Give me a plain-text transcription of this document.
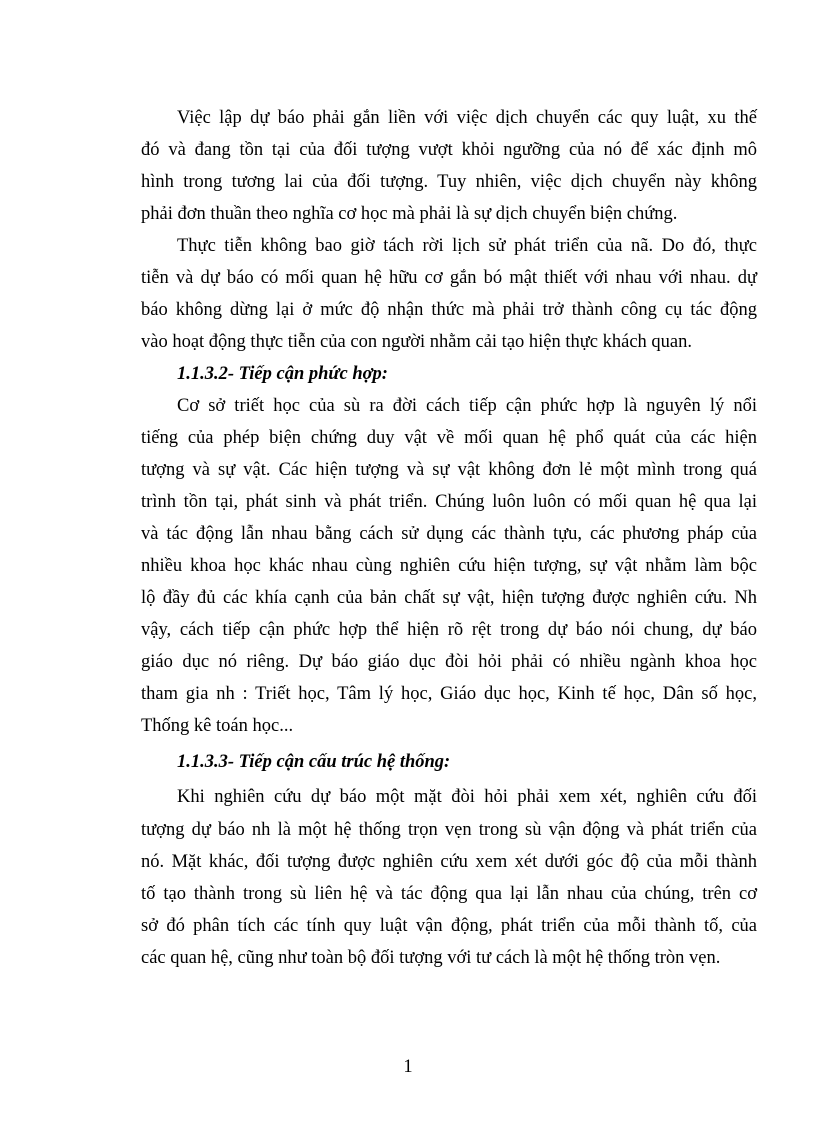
Việc lập dự báo phải gắn liền với việc dịch chuyển các quy luật, xu thế
đó và đang tồn tại của đối tượng vượt khỏi ngưỡng của nó để xác định mô
hình trong tương lai của đối tượng. Tuy nhiên, việc dịch chuyển này không
phải đơn thuần theo nghĩa cơ học mà phải là sự dịch chuyển biện chứng.
Thực tiễn không bao giờ tách rời lịch sử phát triển của nã. Do đó, thực
tiễn và dự báo có mối quan hệ hữu cơ gắn bó mật thiết với nhau với nhau. dự
báo không dừng lại ở mức độ nhận thức mà phải trở thành công cụ tác động
vào hoạt động thực tiễn của con người nhằm cải tạo hiện thực khách quan.
1.1.3.2- Tiếp cận phức hợp:
Cơ sở triết học của sù ra đời cách tiếp cận phức hợp là nguyên lý nổi
tiếng của phép biện chứng duy vật về mối quan hệ phổ quát của các hiện
tượng và sự vật. Các hiện tượng và sự vật không đơn lẻ một mình trong quá
trình tồn tại, phát sinh và phát triển. Chúng luôn luôn có mối quan hệ qua lại
và tác động lẫn nhau bằng cách sử dụng các thành tựu, các phương pháp của
nhiều khoa học khác nhau cùng nghiên cứu hiện tượng, sự vật nhằm làm bộc
lộ đầy đủ các khía cạnh của bản chất sự vật, hiện tượng được nghiên cứu. Nh
vậy, cách tiếp cận phức hợp thể hiện rõ rệt trong dự báo nói chung, dự báo
giáo dục nó riêng. Dự báo giáo dục đòi hỏi phải có nhiều ngành khoa học
tham gia nh : Triết học, Tâm lý học, Giáo dục học, Kinh tế học, Dân số học,
Thống kê toán học...
1.1.3.3- Tiếp cận cấu trúc hệ thống:
Khi nghiên cứu dự báo một mặt đòi hỏi phải xem xét, nghiên cứu đối
tượng dự báo nh là một hệ thống trọn vẹn trong sù vận động và phát triển của
nó. Mặt khác, đối tượng được nghiên cứu xem xét dưới góc độ của mỗi thành
tố tạo thành trong sù liên hệ và tác động qua lại lẫn nhau của chúng, trên cơ
sở đó phân tích các tính quy luật vận động, phát triển của mỗi thành tố, của
các quan hệ, cũng như toàn bộ đối tượng với tư cách là một hệ thống tròn vẹn.
1
